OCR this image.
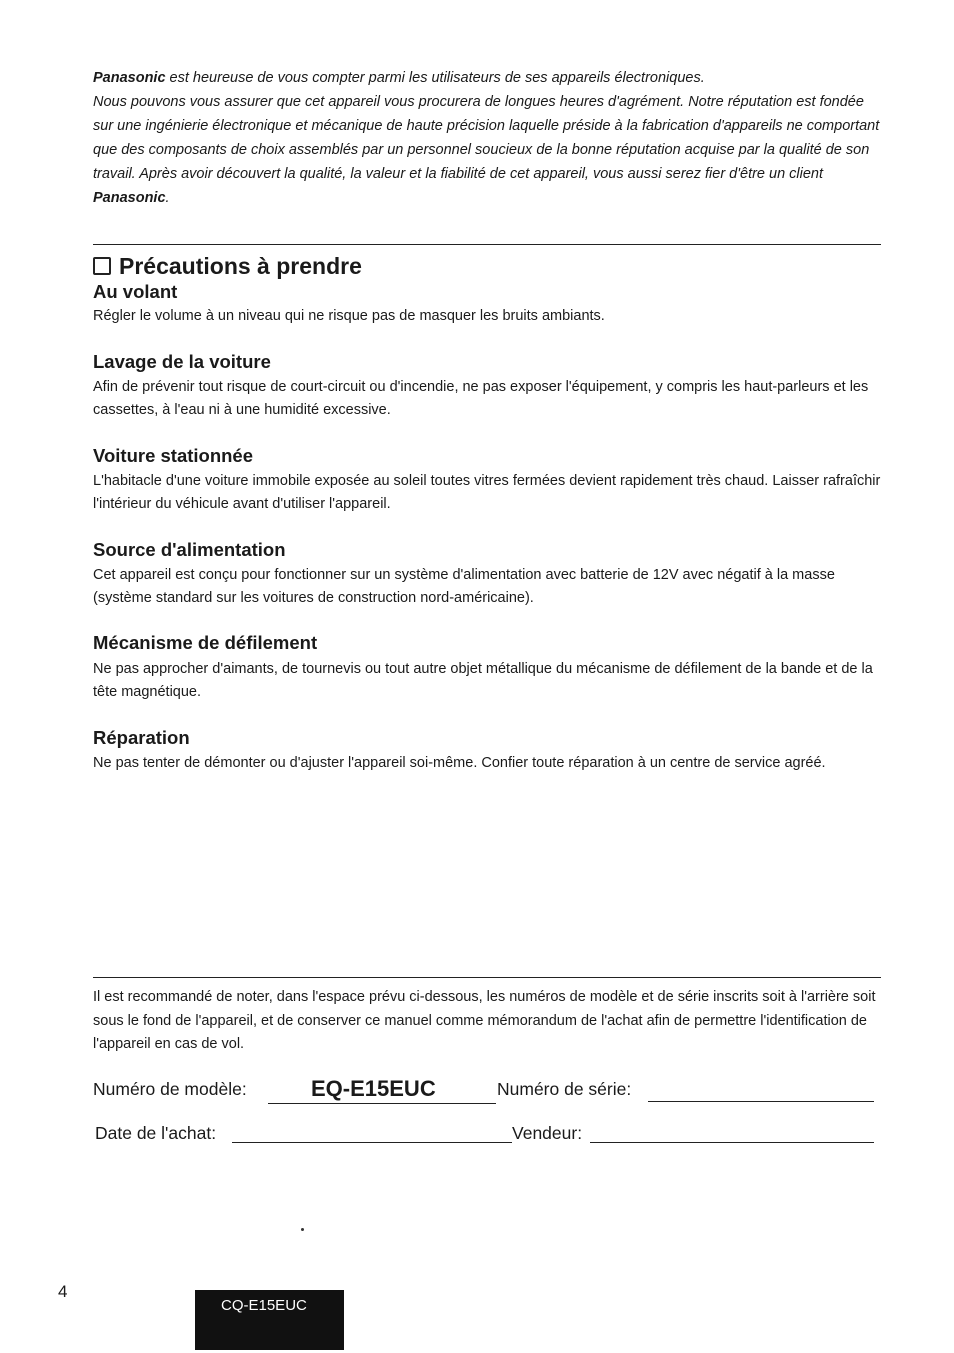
Panasonic est heureuse de vous compter parmi les utilisateurs de ses appareils électroniques.
Nous pouvons vous assurer que cet appareil vous procurera de longues heures d'agrément. Notre réputation est fondée sur une ingénierie électronique et mécanique de haute précision laquelle préside à la fabrication d'appareils ne comportant que des composants de choix assemblés par un personnel soucieux de la bonne réputation acquise par la qualité de son travail. Après avoir découvert la qualité, la valeur et la fiabilité de cet appareil, vous aussi serez fier d'être un client Panasonic.

Précautions à prendre
Au volant

Régler le volume à un niveau qui ne risque pas de masquer les bruits ambiants.

Lavage de la voiture

Afin de prévenir tout risque de court-circuit ou d'incendie, ne pas exposer l'équipement, y compris les haut-parleurs et les cassettes, à l'eau ni à une humidité excessive.

Voiture stationnée

L'habitacle d'une voiture immobile exposée au soleil toutes vitres fermées devient rapidement très chaud. Laisser rafraîchir l'intérieur du véhicule avant d'utiliser l'appareil.

Source d'alimentation

Cet appareil est conçu pour fonctionner sur un système d'alimentation avec batterie de 12V avec négatif à la masse (système standard sur les voitures de construction nord-américaine).

Mécanisme de défilement

Ne pas approcher d'aimants, de tournevis ou tout autre objet métallique du mécanisme de défilement de la bande et de la tête magnétique.

Réparation

Ne pas tenter de démonter ou d'ajuster l'appareil soi-même. Confier toute réparation à un centre de service agréé.

Il est recommandé de noter, dans l'espace prévu ci-dessous, les numéros de modèle et de série inscrits soit à l'arrière soit sous le fond de l'appareil, et de conserver ce manuel comme mémorandum de l'achat afin de permettre l'identification de l'appareil en cas de vol.

Numéro de modèle:	EQ-E15EUC	Numéro de série:
Date de l'achat:	Vendeur:
4
CQ-E15EUC
